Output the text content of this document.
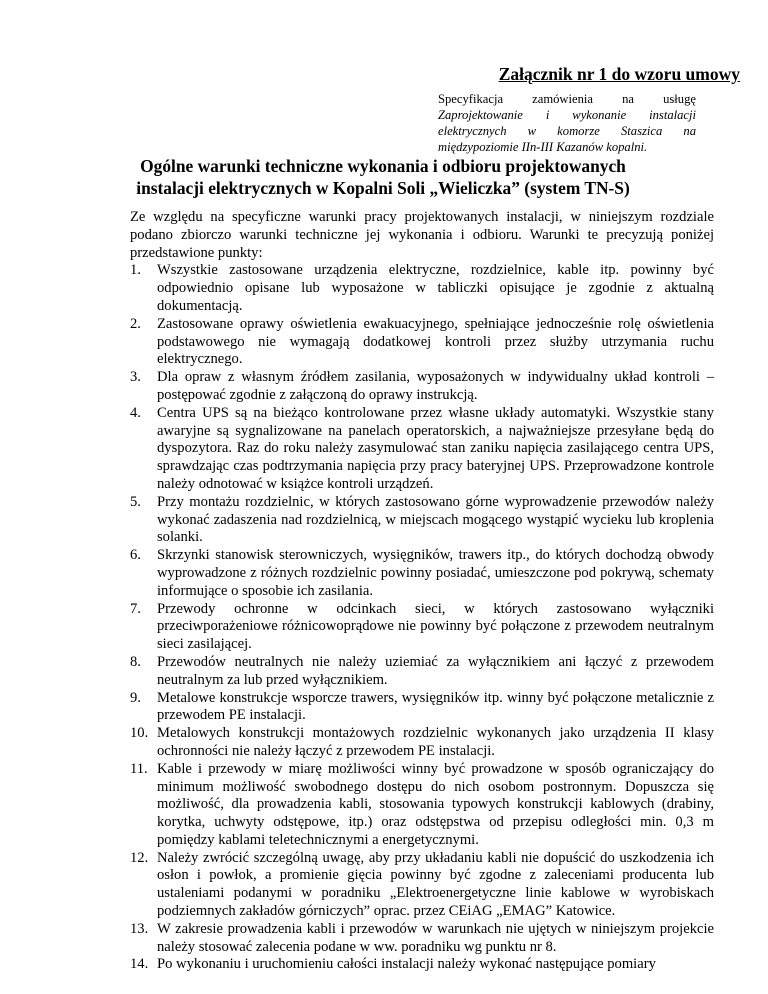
Załącznik nr 1 do wzoru umowy

Specyfikacja zamówienia na usługę Zaprojektowanie i wykonanie instalacji elektrycznych w komorze Staszica na międzypoziomie IIn-III Kazanów kopalni.

Ogólne warunki techniczne wykonania i odbioru projektowanych instalacji elektrycznych w Kopalni Soli „Wieliczka” (system TN-S)

Ze względu na specyficzne warunki pracy projektowanych instalacji, w niniejszym rozdziale podano zbiorczo warunki techniczne jej wykonania i odbioru. Warunki te precyzują poniżej przedstawione punkty:

1. Wszystkie zastosowane urządzenia elektryczne, rozdzielnice, kable itp. powinny być odpowiednio opisane lub wyposażone w tabliczki opisujące je zgodnie z aktualną dokumentacją.
2. Zastosowane oprawy oświetlenia ewakuacyjnego, spełniające jednocześnie rolę oświetlenia podstawowego nie wymagają dodatkowej kontroli przez służby utrzymania ruchu elektrycznego.
3. Dla opraw z własnym źródłem zasilania, wyposażonych w indywidualny układ kontroli – postępować zgodnie z załączoną do oprawy instrukcją.
4. Centra UPS są na bieżąco kontrolowane przez własne układy automatyki. Wszystkie stany awaryjne są sygnalizowane na panelach operatorskich, a najważniejsze przesyłane będą do dyspozytora. Raz do roku należy zasymulować stan zaniku napięcia zasilającego centra UPS, sprawdzając czas podtrzymania napięcia przy pracy bateryjnej UPS. Przeprowadzone kontrole należy odnotować w książce kontroli urządzeń.
5. Przy montażu rozdzielnic, w których zastosowano górne wyprowadzenie przewodów należy wykonać zadaszenia nad rozdzielnicą, w miejscach mogącego wystąpić wycieku lub kroplenia solanki.
6. Skrzynki stanowisk sterowniczych, wysięgników, trawers itp., do których dochodzą obwody wyprowadzone z różnych rozdzielnic powinny posiadać, umieszczone pod pokrywą, schematy informujące o sposobie ich zasilania.
7. Przewody ochronne w odcinkach sieci, w których zastosowano wyłączniki przeciwporażeniowe różnicowoprądowe nie powinny być połączone z przewodem neutralnym sieci zasilającej.
8. Przewodów neutralnych nie należy uziemiać za wyłącznikiem ani łączyć z przewodem neutralnym za lub przed wyłącznikiem.
9. Metalowe konstrukcje wsporcze trawers, wysięgników itp. winny być połączone metalicznie z przewodem PE instalacji.
10. Metalowych konstrukcji montażowych rozdzielnic wykonanych jako urządzenia II klasy ochronności nie należy łączyć z przewodem PE instalacji.
11. Kable i przewody w miarę możliwości winny być prowadzone w sposób ograniczający do minimum możliwość swobodnego dostępu do nich osobom postronnym. Dopuszcza się możliwość, dla prowadzenia kabli, stosowania typowych konstrukcji kablowych (drabiny, korytka, uchwyty odstępowe, itp.) oraz odstępstwa od przepisu odległości min. 0,3 m pomiędzy kablami teletechnicznymi a energetycznymi.
12. Należy zwrócić szczególną uwagę, aby przy układaniu kabli nie dopuścić do uszkodzenia ich osłon i powłok, a promienie gięcia powinny być zgodne z zaleceniami producenta lub ustaleniami podanymi w poradniku „Elektroenergetyczne linie kablowe w wyrobiskach podziemnych zakładów górniczych” oprac. przez CEiAG „EMAG” Katowice.
13. W zakresie prowadzenia kabli i przewodów w warunkach nie ujętych w niniejszym projekcie należy stosować zalecenia podane w ww. poradniku wg punktu nr 8.
14. Po wykonaniu i uruchomieniu całości instalacji należy wykonać następujące pomiary
